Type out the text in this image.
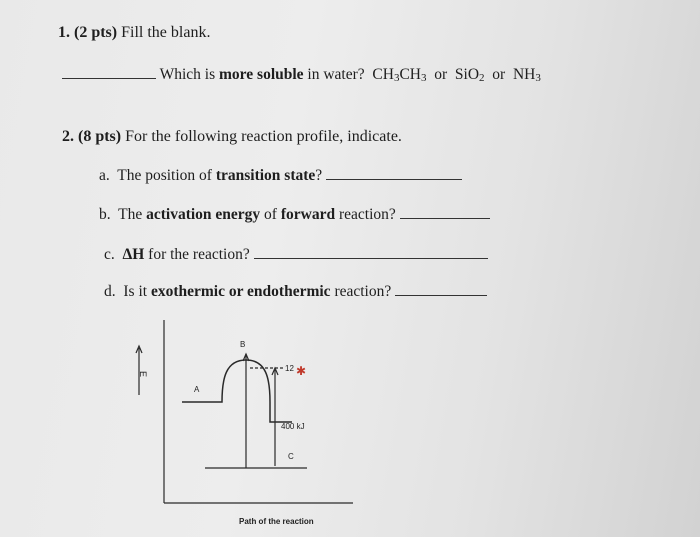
1. (2 pts) Fill the blank.
Which is more soluble in water? $CH_3CH_3$ or SiO$_2$ or $NH_3$
2. (8 pts) For the following reaction profile, indicate.
a. The position of transition state?
b. The activation energy of forward reaction?
c. ΔH for the reaction?
d. Is it exothermic or endothermic reaction?
E
A
B
C
12 ✱
400 kJ
Path of the reaction
